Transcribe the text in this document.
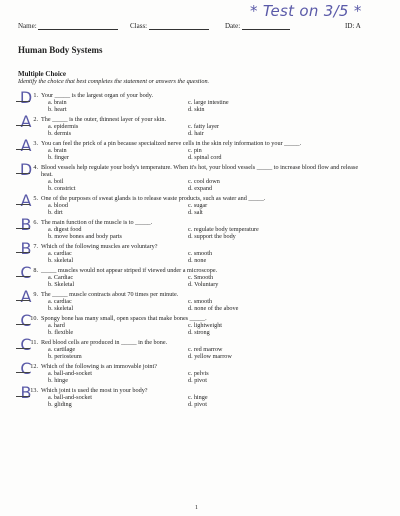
Name:	Class:	Date:
* Test on 3/5 *
ID: A
Human Body Systems
Multiple Choice
Identify the choice that best completes the statement or answers the question.
D 1. Your _____ is the largest organ of your body.
a. brain	c. large intestine
b. heart	d. skin
A 2. The _____ is the outer, thinnest layer of your skin.
a. epidermis	c. fatty layer
b. dermis	d. hair
A 3. You can feel the prick of a pin because specialized nerve cells in the skin rely information to your _____.
a. brain	c. pin
b. finger	d. spinal cord
D 4. Blood vessels help regulate your body's temperature. When it's hot, your blood vessels _____ to increase blood flow and release heat.
a. boil	c. cool down
b. constrict	d. expand
A 5. One of the purposes of sweat glands is to release waste products, such as water and _____.
a. blood	c. sugar
b. dirt	d. salt
B 6. The main function of the muscle is to _____.
a. digest food	c. regulate body temperature
b. move bones and body parts	d. support the body
B 7. Which of the following muscles are voluntary?
a. cardiac	c. smooth
b. skeletal	d. none
C 8. _____ muscles would not appear striped if viewed under a microscope.
a. Cardiac	c. Smooth
b. Skeletal	d. Voluntary
A 9. The _____ muscle contracts about 70 times per minute.
a. cardiac	c. smooth
b. skeletal	d. none of the above
C
10. Spongy bone has many small, open spaces that make bones _____.
a. hard	c. lightweight
b. flexible	d. strong
C
11. Red blood cells are produced in _____ in the bone.
a. cartilage	c. red marrow
b. periosteum	d. yellow marrow
C
12. Which of the following is an immovable joint?
a. ball-and-socket	c. pelvis
b. hinge	d. pivot
B
13. Which joint is used the most in your body?
a. ball-and-socket	c. hinge
b. gliding	d. pivot
1
